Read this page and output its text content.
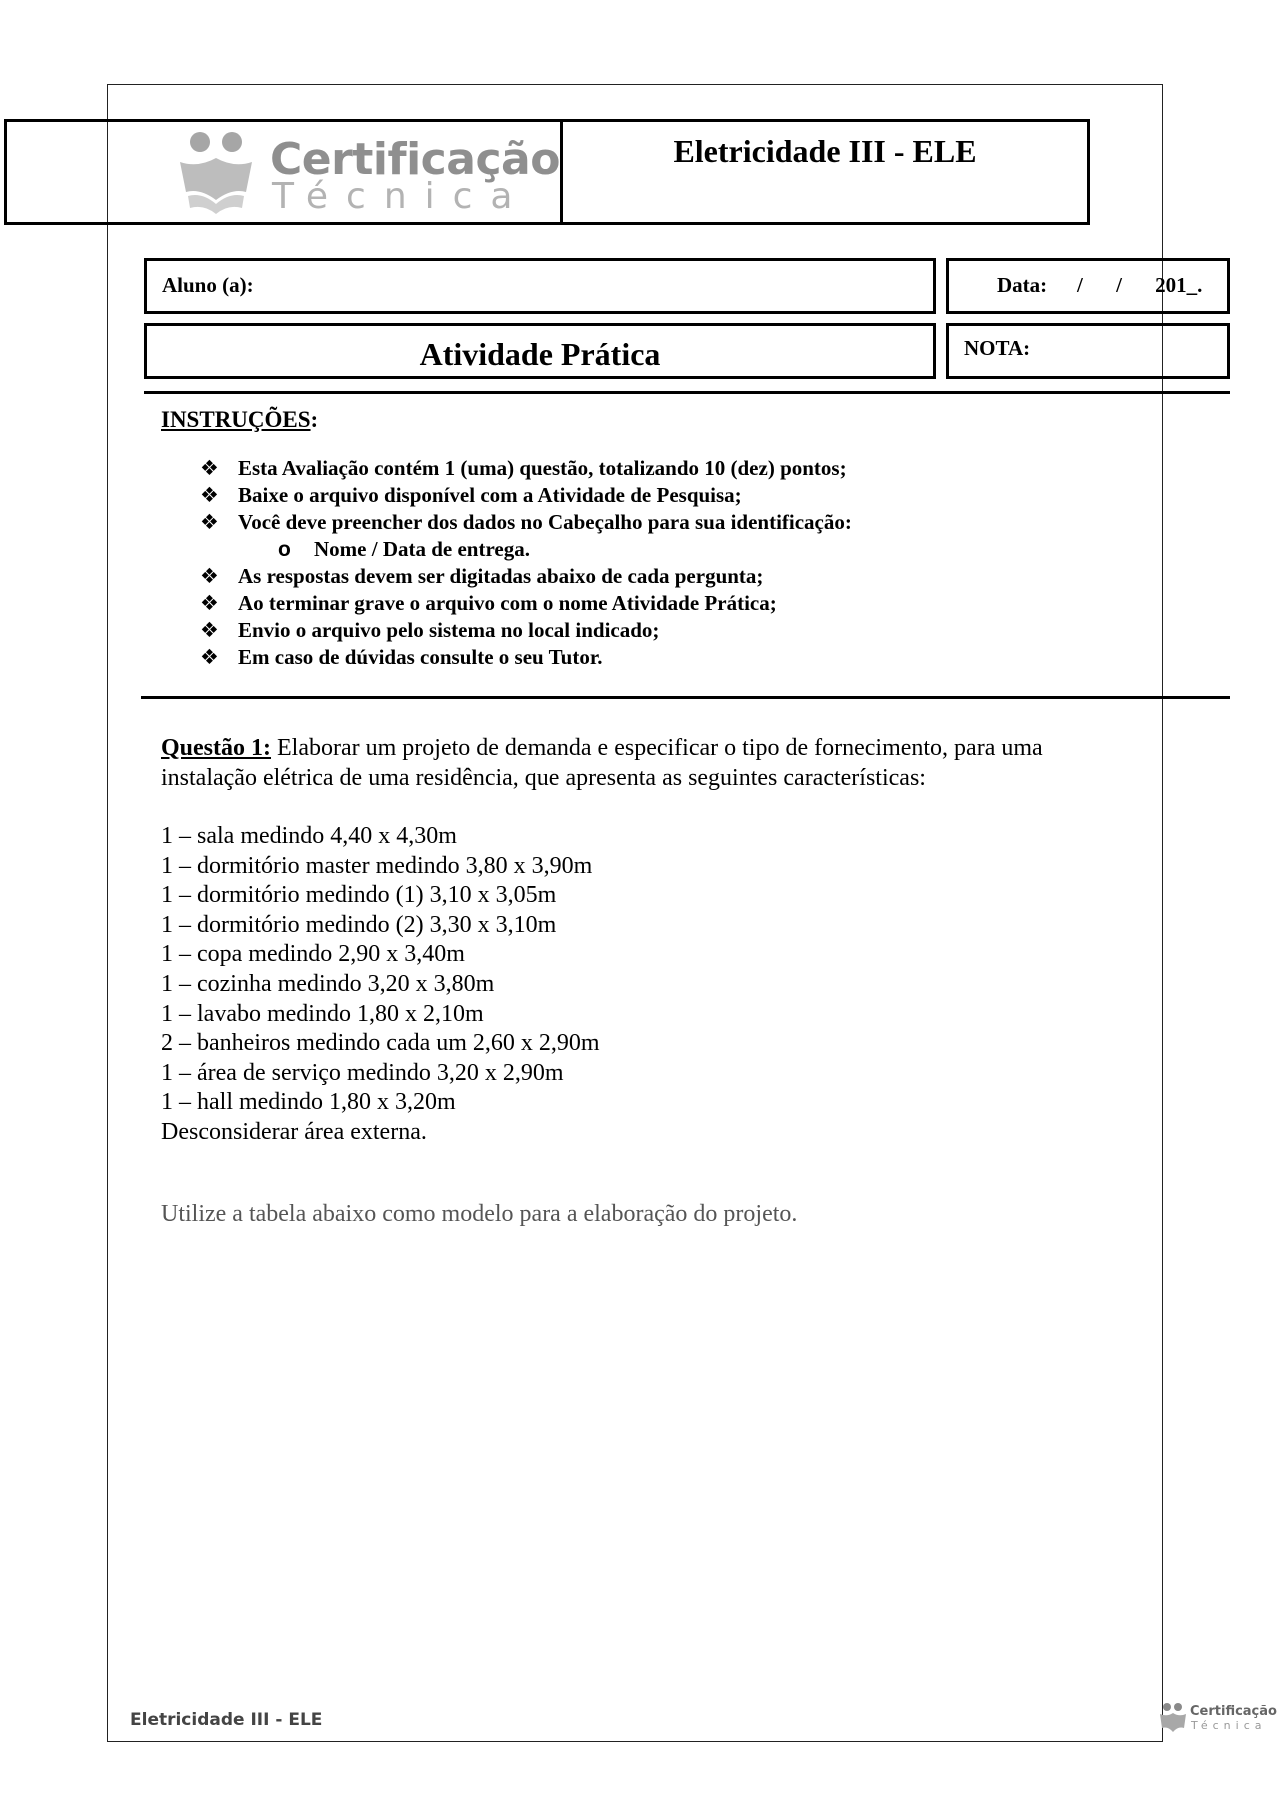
Certificação
Técnica
Eletricidade III - ELE
Aluno (a):	Data: / / 201_.
Atividade Prática	NOTA:
INSTRUÇÕES:
❖ Esta Avaliação contém 1 (uma) questão, totalizando 10 (dez) pontos;
❖ Baixe o arquivo disponível com a Atividade de Pesquisa;
❖ Você deve preencher dos dados no Cabeçalho para sua identificação:
o Nome / Data de entrega.
❖ As respostas devem ser digitadas abaixo de cada pergunta;
❖ Ao terminar grave o arquivo com o nome Atividade Prática;
❖ Envio o arquivo pelo sistema no local indicado;
❖ Em caso de dúvidas consulte o seu Tutor.
Questão 1: Elaborar um projeto de demanda e especificar o tipo de fornecimento, para uma instalação elétrica de uma residência, que apresenta as seguintes características:
1 – sala medindo 4,40 x 4,30m
1 – dormitório master medindo 3,80 x 3,90m
1 – dormitório medindo (1) 3,10 x 3,05m
1 – dormitório medindo (2) 3,30 x 3,10m
1 – copa medindo 2,90 x 3,40m
1 – cozinha medindo 3,20 x 3,80m
1 – lavabo medindo 1,80 x 2,10m
2 – banheiros medindo cada um 2,60 x 2,90m
1 – área de serviço medindo 3,20 x 2,90m
1 – hall medindo 1,80 x 3,20m
Desconsiderar área externa.
Utilize a tabela abaixo como modelo para a elaboração do projeto.
Eletricidade III - ELE	Certificação
Técnica
